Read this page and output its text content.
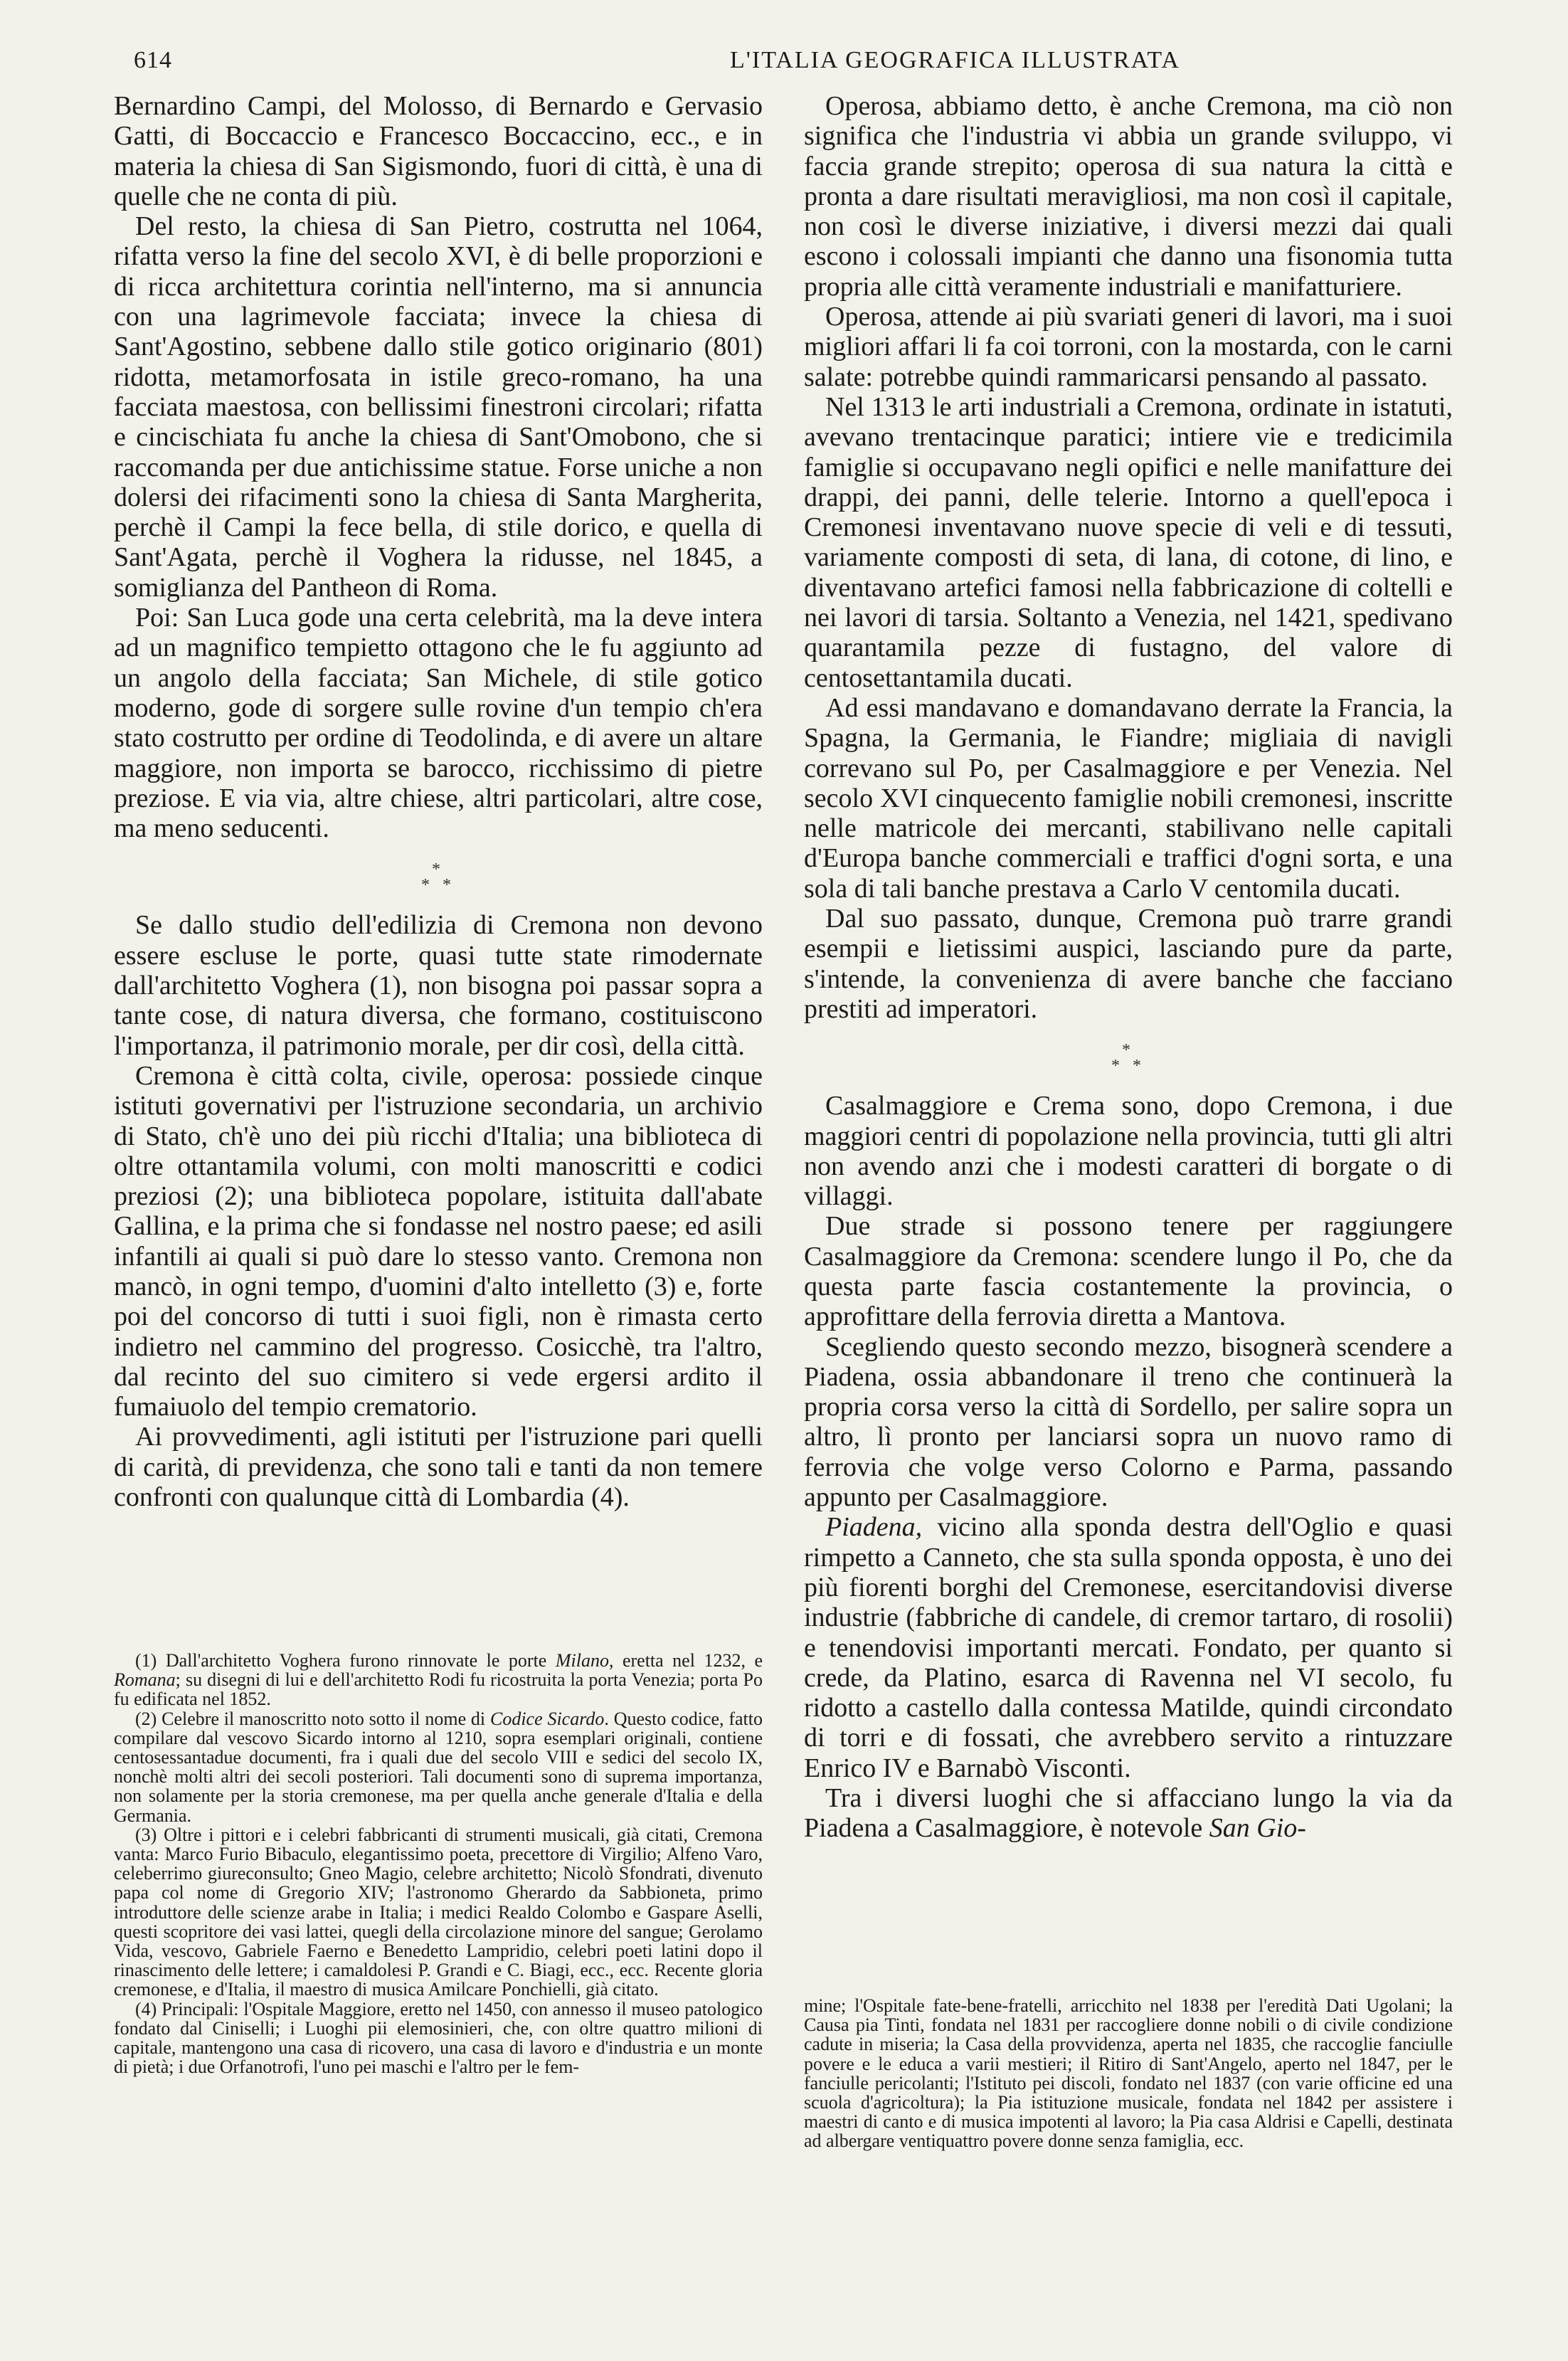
614	L'ITALIA GEOGRAFICA ILLUSTRATA

Bernardino Campi, del Molosso, di Bernardo e Gervasio Gatti, di Boccaccio e Francesco Boccaccino, ecc., e in materia la chiesa di San Sigismondo, fuori di città, è una di quelle che ne conta di più.

Del resto, la chiesa di San Pietro, costrutta nel 1064, rifatta verso la fine del secolo XVI, è di belle proporzioni e di ricca architettura corintia nell'interno, ma si annuncia con una lagrimevole facciata; invece la chiesa di Sant'Agostino, sebbene dallo stile gotico originario (801) ridotta, metamorfosata in istile greco-romano, ha una facciata maestosa, con bellissimi finestroni circolari; rifatta e cincischiata fu anche la chiesa di Sant'Omobono, che si raccomanda per due antichissime statue. Forse uniche a non dolersi dei rifacimenti sono la chiesa di Santa Margherita, perchè il Campi la fece bella, di stile dorico, e quella di Sant'Agata, perchè il Voghera la ridusse, nel 1845, a somiglianza del Pantheon di Roma.

Poi: San Luca gode una certa celebrità, ma la deve intera ad un magnifico tempietto ottagono che le fu aggiunto ad un angolo della facciata; San Michele, di stile gotico moderno, gode di sorgere sulle rovine d'un tempio ch'era stato costrutto per ordine di Teodolinda, e di avere un altare maggiore, non importa se barocco, ricchissimo di pietre preziose. E via via, altre chiese, altri particolari, altre cose, ma meno seducenti.

*
* *

Se dallo studio dell'edilizia di Cremona non devono essere escluse le porte, quasi tutte state rimodernate dall'architetto Voghera (1), non bisogna poi passar sopra a tante cose, di natura diversa, che formano, costituiscono l'importanza, il patrimonio morale, per dir così, della città.

Cremona è città colta, civile, operosa: possiede cinque istituti governativi per l'istruzione secondaria, un archivio di Stato, ch'è uno dei più ricchi d'Italia; una biblioteca di oltre ottantamila volumi, con molti manoscritti e codici preziosi (2); una biblioteca popolare, istituita dall'abate Gallina, e la prima che si fondasse nel nostro paese; ed asili infantili ai quali si può dare lo stesso vanto. Cremona non mancò, in ogni tempo, d'uomini d'alto intelletto (3) e, forte poi del concorso di tutti i suoi figli, non è rimasta certo indietro nel cammino del progresso. Cosicchè, tra l'altro, dal recinto del suo cimitero si vede ergersi ardito il fumaiuolo del tempio crematorio.

Ai provvedimenti, agli istituti per l'istruzione pari quelli di carità, di previdenza, che sono tali e tanti da non temere confronti con qualunque città di Lombardia (4).

(1) Dall'architetto Voghera furono rinnovate le porte Milano, eretta nel 1232, e Romana; su disegni di lui e dell'architetto Rodi fu ricostruita la porta Venezia; porta Po fu edificata nel 1852.

(2) Celebre il manoscritto noto sotto il nome di Codice Sicardo. Questo codice, fatto compilare dal vescovo Sicardo intorno al 1210, sopra esemplari originali, contiene centosessantadue documenti, fra i quali due del secolo VIII e sedici del secolo IX, nonchè molti altri dei secoli posteriori. Tali documenti sono di suprema importanza, non solamente per la storia cremonese, ma per quella anche generale d'Italia e della Germania.

(3) Oltre i pittori e i celebri fabbricanti di strumenti musicali, già citati, Cremona vanta: Marco Furio Bibaculo, elegantissimo poeta, precettore di Virgilio; Alfeno Varo, celeberrimo giureconsulto; Gneo Magio, celebre architetto; Nicolò Sfondrati, divenuto papa col nome di Gregorio XIV; l'astronomo Gherardo da Sabbioneta, primo introduttore delle scienze arabe in Italia; i medici Realdo Colombo e Gaspare Aselli, questi scopritore dei vasi lattei, quegli della circolazione minore del sangue; Gerolamo Vida, vescovo, Gabriele Faerno e Benedetto Lampridio, celebri poeti latini dopo il rinascimento delle lettere; i camaldolesi P. Grandi e C. Biagi, ecc., ecc. Recente gloria cremonese, e d'Italia, il maestro di musica Amilcare Ponchielli, già citato.

(4) Principali: l'Ospitale Maggiore, eretto nel 1450, con annesso il museo patologico fondato dal Ciniselli; i Luoghi pii elemosinieri, che, con oltre quattro milioni di capitale, mantengono una casa di ricovero, una casa di lavoro e d'industria e un monte di pietà; i due Orfanotrofi, l'uno pei maschi e l'altro per le fem-

Operosa, abbiamo detto, è anche Cremona, ma ciò non significa che l'industria vi abbia un grande sviluppo, vi faccia grande strepito; operosa di sua natura la città e pronta a dare risultati meravigliosi, ma non così il capitale, non così le diverse iniziative, i diversi mezzi dai quali escono i colossali impianti che danno una fisonomia tutta propria alle città veramente industriali e manifatturiere.

Operosa, attende ai più svariati generi di lavori, ma i suoi migliori affari li fa coi torroni, con la mostarda, con le carni salate: potrebbe quindi rammaricarsi pensando al passato.

Nel 1313 le arti industriali a Cremona, ordinate in istatuti, avevano trentacinque paratici; intiere vie e tredicimila famiglie si occupavano negli opifici e nelle manifatture dei drappi, dei panni, delle telerie. Intorno a quell'epoca i Cremonesi inventavano nuove specie di veli e di tessuti, variamente composti di seta, di lana, di cotone, di lino, e diventavano artefici famosi nella fabbricazione di coltelli e nei lavori di tarsia. Soltanto a Venezia, nel 1421, spedivano quarantamila pezze di fustagno, del valore di centosettantamila ducati.

Ad essi mandavano e domandavano derrate la Francia, la Spagna, la Germania, le Fiandre; migliaia di navigli correvano sul Po, per Casalmaggiore e per Venezia. Nel secolo XVI cinquecento famiglie nobili cremonesi, inscritte nelle matricole dei mercanti, stabilivano nelle capitali d'Europa banche commerciali e traffici d'ogni sorta, e una sola di tali banche prestava a Carlo V centomila ducati.

Dal suo passato, dunque, Cremona può trarre grandi esempii e lietissimi auspici, lasciando pure da parte, s'intende, la convenienza di avere banche che facciano prestiti ad imperatori.

*
* *

Casalmaggiore e Crema sono, dopo Cremona, i due maggiori centri di popolazione nella provincia, tutti gli altri non avendo anzi che i modesti caratteri di borgate o di villaggi.

Due strade si possono tenere per raggiungere Casalmaggiore da Cremona: scendere lungo il Po, che da questa parte fascia costantemente la provincia, o approfittare della ferrovia diretta a Mantova.

Scegliendo questo secondo mezzo, bisognerà scendere a Piadena, ossia abbandonare il treno che continuerà la propria corsa verso la città di Sordello, per salire sopra un altro, lì pronto per lanciarsi sopra un nuovo ramo di ferrovia che volge verso Colorno e Parma, passando appunto per Casalmaggiore.

Piadena, vicino alla sponda destra dell'Oglio e quasi rimpetto a Canneto, che sta sulla sponda opposta, è uno dei più fiorenti borghi del Cremonese, esercitandovisi diverse industrie (fabbriche di candele, di cremor tartaro, di rosolii) e tenendovisi importanti mercati. Fondato, per quanto si crede, da Platino, esarca di Ravenna nel VI secolo, fu ridotto a castello dalla contessa Matilde, quindi circondato di torri e di fossati, che avrebbero servito a rintuzzare Enrico IV e Barnabò Visconti.

Tra i diversi luoghi che si affacciano lungo la via da Piadena a Casalmaggiore, è notevole San Gio-

mine; l'Ospitale fate-bene-fratelli, arricchito nel 1838 per l'eredità Dati Ugolani; la Causa pia Tinti, fondata nel 1831 per raccogliere donne nobili o di civile condizione cadute in miseria; la Casa della provvidenza, aperta nel 1835, che raccoglie fanciulle povere e le educa a varii mestieri; il Ritiro di Sant'Angelo, aperto nel 1847, per le fanciulle pericolanti; l'Istituto pei discoli, fondato nel 1837 (con varie officine ed una scuola d'agricoltura); la Pia istituzione musicale, fondata nel 1842 per assistere i maestri di canto e di musica impotenti al lavoro; la Pia casa Aldrisi e Capelli, destinata ad albergare ventiquattro povere donne senza famiglia, ecc.
